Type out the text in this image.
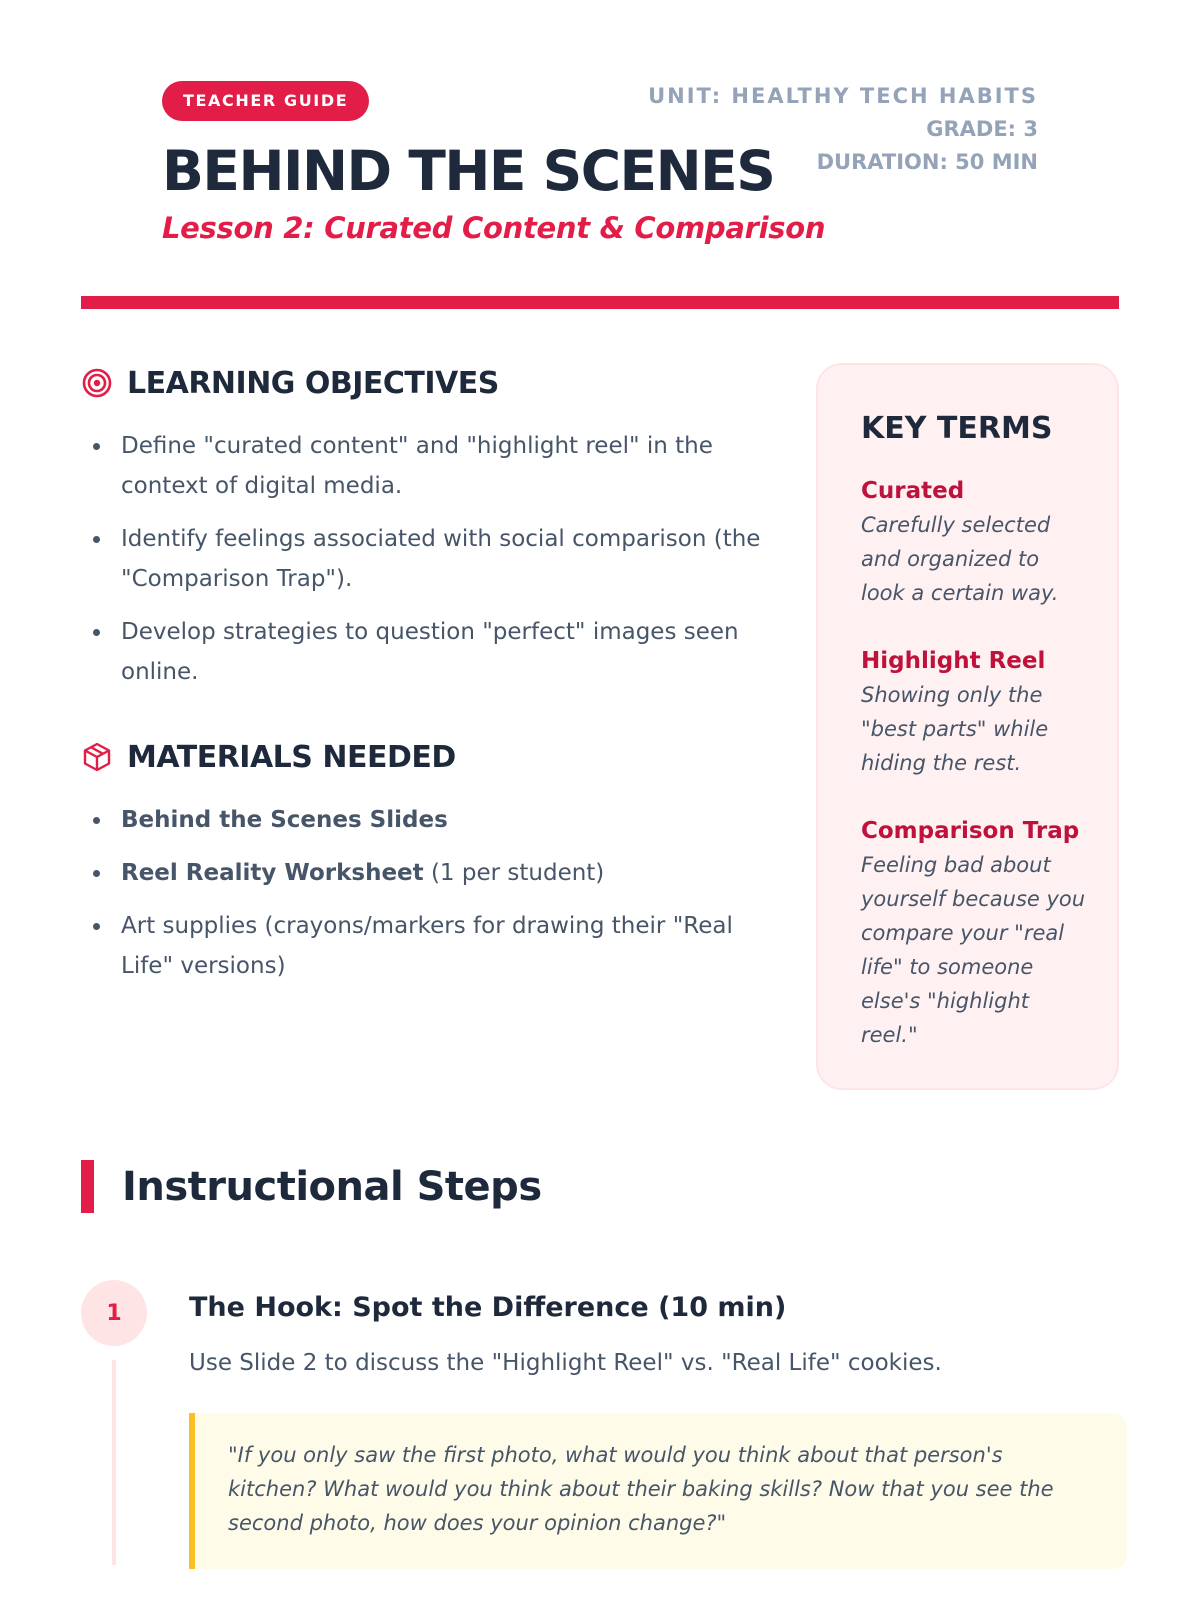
TEACHER GUIDE
BEHIND THE SCENES
Lesson 2: Curated Content & Comparison
UNIT: HEALTHY TECH HABITS
GRADE: 3
DURATION: 50 MIN
LEARNING OBJECTIVES
Define "curated content" and "highlight reel" in the context of digital media.
Identify feelings associated with social comparison (the "Comparison Trap").
Develop strategies to question "perfect" images seen online.
MATERIALS NEEDED
Behind the Scenes Slides
Reel Reality Worksheet (1 per student)
Art supplies (crayons/markers for drawing their "Real Life" versions)
KEY TERMS
Curated
Carefully selected and organized to look a certain way.
Highlight Reel
Showing only the "best parts" while hiding the rest.
Comparison Trap
Feeling bad about yourself because you compare your "real life" to someone else's "highlight reel."
Instructional Steps
1	The Hook: Spot the Difference (10 min)
Use Slide 2 to discuss the "Highlight Reel" vs. "Real Life" cookies.
"If you only saw the first photo, what would you think about that person's kitchen? What would you think about their baking skills? Now that you see the second photo, how does your opinion change?"
